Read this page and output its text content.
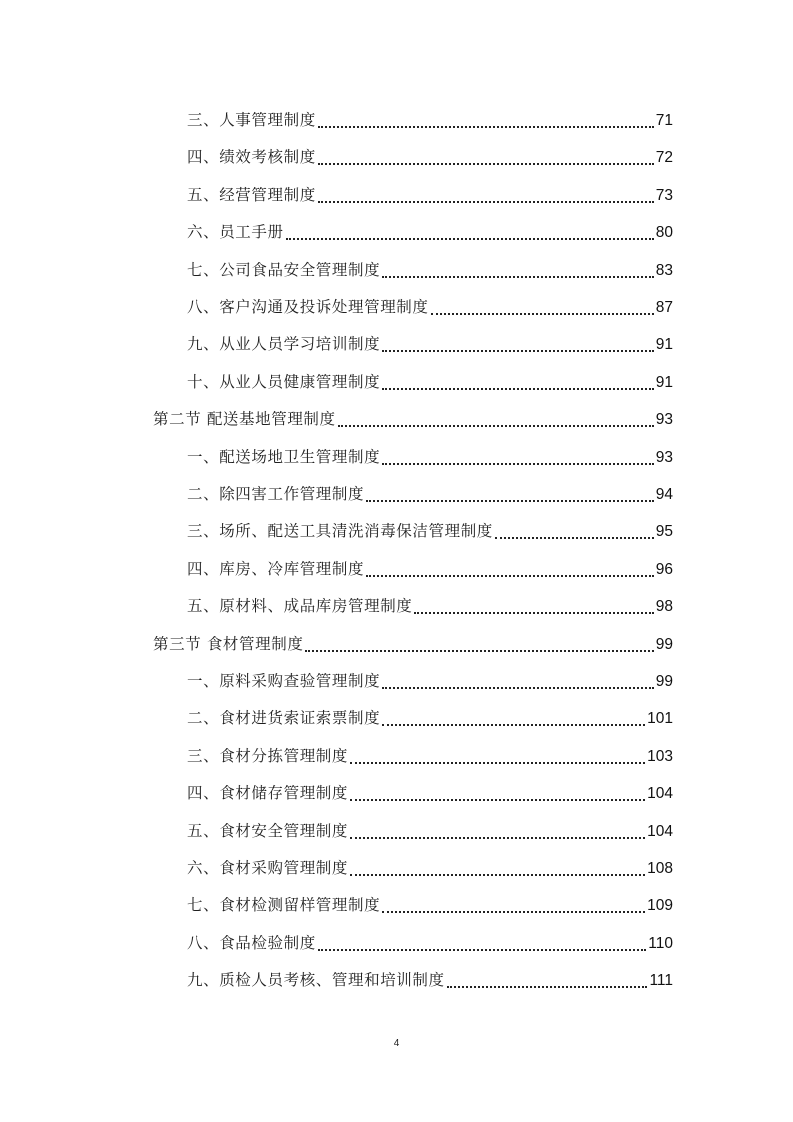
三、人事管理制度	71
四、绩效考核制度	72
五、经营管理制度	73
六、员工手册	80
七、公司食品安全管理制度	83
八、客户沟通及投诉处理管理制度	87
九、从业人员学习培训制度	91
十、从业人员健康管理制度	91
第二节 配送基地管理制度	93
一、配送场地卫生管理制度	93
二、除四害工作管理制度	94
三、场所、配送工具清洗消毒保洁管理制度	95
四、库房、冷库管理制度	96
五、原材料、成品库房管理制度	98
第三节 食材管理制度	99
一、原料采购查验管理制度	99
二、食材进货索证索票制度	101
三、食材分拣管理制度	103
四、食材储存管理制度	104
五、食材安全管理制度	104
六、食材采购管理制度	108
七、食材检测留样管理制度	109
八、食品检验制度	110
九、质检人员考核、管理和培训制度	111
4
